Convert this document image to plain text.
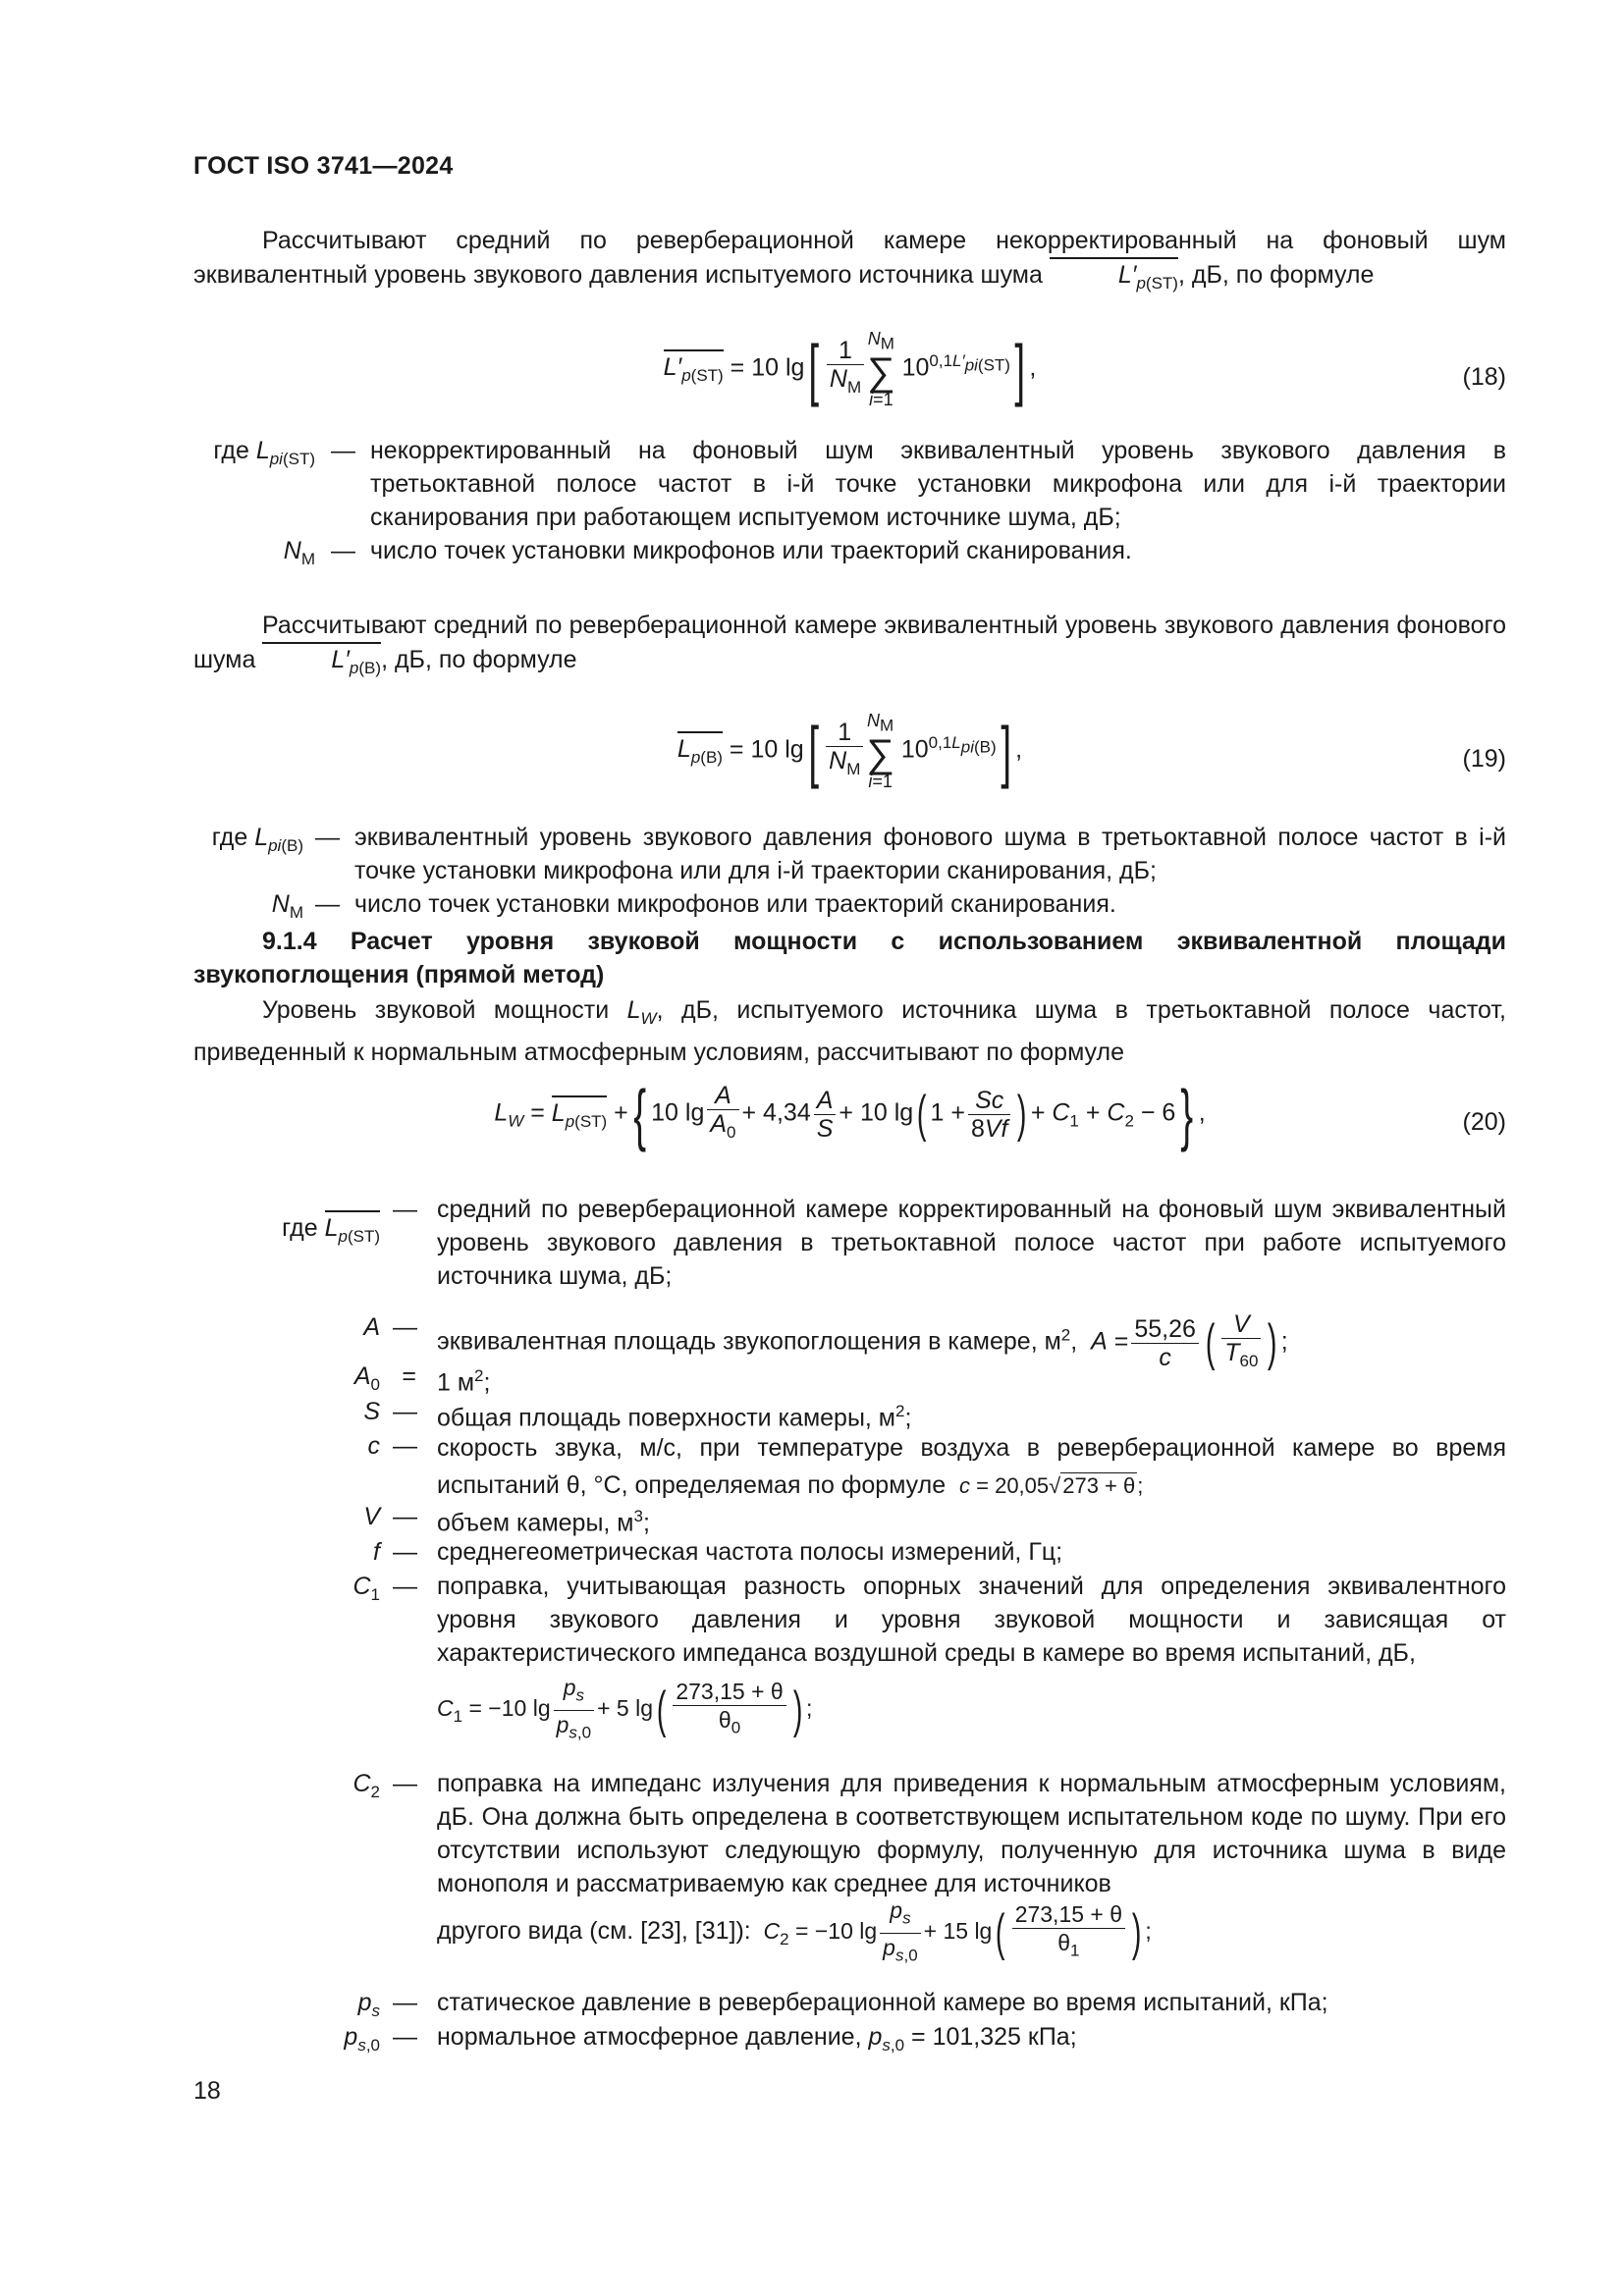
ГОСТ ISO 3741—2024
Рассчитывают средний по реверберационной камере некорректированный на фоновый шум эквивалентный уровень звукового давления испытуемого источника шума	$L'_{p(ST)}$, дБ, по формуле
$L'_{p(ST)} = 10$ $\lg[ \frac{1}{N_M} N_M$
∑
i=1
$10^{0,1L'_{pi(ST)}}$] ,	(18)
где $L_{pi(ST)}$ — некорректированный на фоновый шум эквивалентный уровень звукового давления в третьоктавной полосе частот в i-й точке установки микрофона или для i-й траектории сканирования при работающем испытуемом источнике шума, дБ;
$N_M$ — число точек установки микрофонов или траекторий сканирования.
Рассчитывают средний по реверберационной камере эквивалентный уровень звукового давления фонового шума	$L'_{p(B)}$, дБ, по формуле
$L_{p(B)} = 10$ $\lg[ \frac{1}{N_M} N_M$
∑
i=1
$10^{0,1L_{pi(B)}}$] ,	(19)
где $L_{pi(B)}$ — эквивалентный уровень звукового давления фонового шума в третьоктавной полосе частот в i-й точке установки микрофона или для i-й траектории сканирования, дБ;
$N_M$ — число точек установки микрофонов или траекторий сканирования.
9.1.4 Расчет уровня звуковой мощности с использованием эквивалентной площади звукопоглощения (прямой метод)
Уровень звуковой мощности $L_W$, дБ, испытуемого источника шума в третьоктавной полосе частот, приведенный к нормальным атмосферным условиям, рассчитывают по формуле
$L_W = L_{p(ST)}$ +{ 10 $\lg \frac{A}{A_0} + 4,34 \frac{A}{S} + 10$ lg( $1 + \frac{Sc}{8Vf}$ ) + $C_1 + C_2 - 6$} ,	(20)
где $L_{p(ST)}$
— средний по реверберационной камере корректированный на фоновый шум эквивалентный уровень звукового давления в третьоктавной полосе частот при работе испытуемого источника шума, дБ;
A —
эквивалентная площадь звукопоглощения в камере, $м^2$,  $A = \frac{55,26}{c}$ ( $\frac{V}{T_{60}}$ ) ;
$A_0 = 1$ $м^2$;
S — общая площадь поверхности камеры, $м^2$;
c — скорость звука, м/с, при температуре воздуха в реверберационной камере во время испытаний θ, °C, определяемая по формуле c = 20,05√273 + θ;
V — объем камеры, $м^3$;
f — среднегеометрическая частота полосы измерений, Гц;
$C_1$ — поправка, учитывающая разность опорных значений для определения эквивалентного уровня звукового давления и уровня звуковой мощности и зависящая от характеристического импеданса воздушной среды в камере во время испытаний, дБ,
$C_1 = -10$ $\lg \frac{p_s}{p_{s,0}} + 5$ $\lg( \frac{273,15 + \theta}{\theta_0}$ ) ;
$C_2$ — поправка на импеданс излучения для приведения к нормальным атмосферным условиям, дБ. Она должна быть определена в соответствующем испытательном коде по шуму. При его отсутствии используют следующую формулу, полученную для источника шума в виде монополя и рассматриваемую как среднее для источников
другого вида (см. [23], [31]): $C_2 = -10$ $\lg \frac{p_s}{p_{s,0}} + 15$ $\lg( \frac{273,15 + \theta}{\theta_1}$ ) ;
$p_s$ — статическое давление в реверберационной камере во время испытаний, кПа;
$p_{s,0}$ — нормальное атмосферное давление, $p_{s,0} = 101,325$ кПа;
18
